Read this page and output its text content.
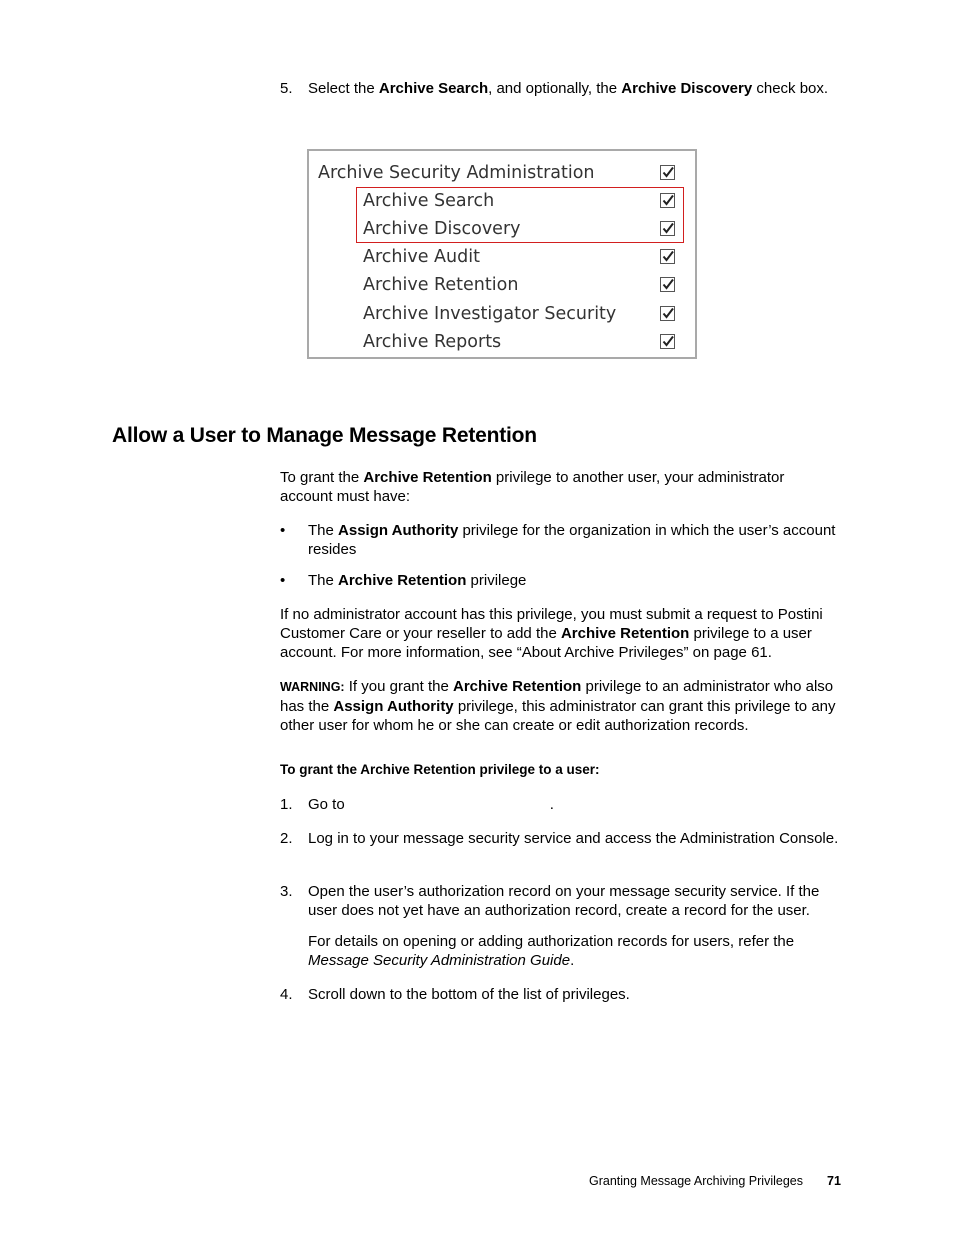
5. Select the Archive Search, and optionally, the Archive Discovery check box.
Archive Security Administration
Archive Search
Archive Discovery
Archive Audit
Archive Retention
Archive Investigator Security
Archive Reports
Allow a User to Manage Message Retention
To grant the Archive Retention privilege to another user, your administrator account must have:
• The Assign Authority privilege for the organization in which the user’s account resides
• The Archive Retention privilege
If no administrator account has this privilege, you must submit a request to Postini Customer Care or your reseller to add the Archive Retention privilege to a user account. For more information, see “About Archive Privileges” on page 61.
WARNING: If you grant the Archive Retention privilege to an administrator who also has the Assign Authority privilege, this administrator can grant this privilege to any other user for whom he or she can create or edit authorization records.
To grant the Archive Retention privilege to a user:
1. Go to	.
2. Log in to your message security service and access the Administration Console.
3. Open the user’s authorization record on your message security service. If the user does not yet have an authorization record, create a record for the user.
For details on opening or adding authorization records for users, refer the Message Security Administration Guide.
4. Scroll down to the bottom of the list of privileges.
Granting Message Archiving Privileges 71
